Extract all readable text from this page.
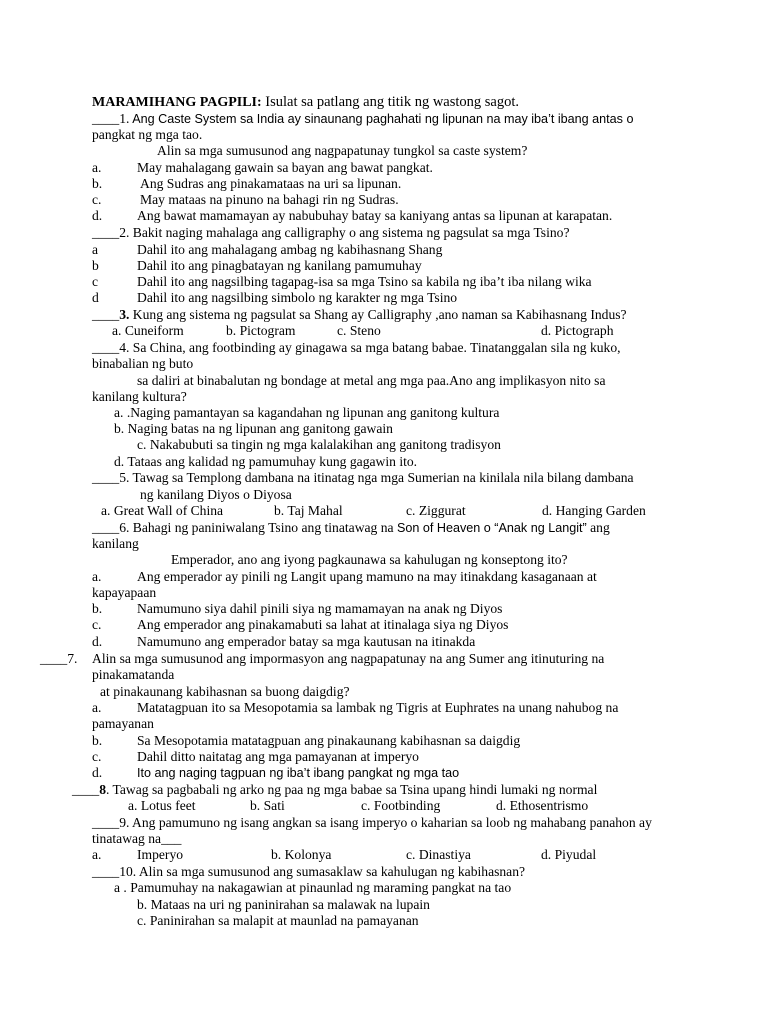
MARAMIHANG PAGPILI: Isulat sa patlang ang titik ng wastong sagot.
____1. Ang Caste System sa India ay sinaunang paghahati ng lipunan na may iba’t ibang antas o
pangkat ng mga tao.
Alin sa mga sumusunod ang nagpapatunay tungkol sa caste system?
a.	May mahalagang gawain sa bayan ang bawat pangkat.
b.	Ang Sudras ang pinakamataas na uri sa lipunan.
c.	May mataas na pinuno na bahagi rin ng Sudras.
d.	Ang bawat mamamayan ay nabubuhay batay sa kaniyang antas sa lipunan at karapatan.
____2. Bakit naging mahalaga ang calligraphy o ang sistema ng pagsulat sa mga Tsino?
a	Dahil ito ang mahalagang ambag ng kabihasnang Shang
b	Dahil ito ang pinagbatayan ng kanilang pamumuhay
c	Dahil ito ang nagsilbing tagapag-isa sa mga Tsino sa kabila ng iba’t iba nilang wika
d	Dahil ito ang nagsilbing simbolo ng karakter ng mga Tsino
____3. Kung ang sistema ng pagsulat sa Shang ay Calligraphy ,ano naman sa Kabihasnang Indus?
a. Cuneiform	b. Pictogram	c. Steno	d. Pictograph
____4. Sa China, ang footbinding ay ginagawa sa mga batang babae. Tinatanggalan sila ng kuko,
binabalian ng buto
sa daliri at binabalutan ng bondage at metal ang mga paa.Ano ang implikasyon nito sa
kanilang kultura?
a. .Naging pamantayan sa kagandahan ng lipunan ang ganitong kultura
b. Naging batas na ng lipunan ang ganitong gawain
c. Nakabubuti sa tingin ng mga kalalakihan ang ganitong tradisyon
d. Tataas ang kalidad ng pamumuhay kung gagawin ito.
____5. Tawag sa Templong dambana na itinatag nga mga Sumerian na kinilala nila bilang dambana
ng kanilang Diyos o Diyosa
a. Great Wall of China	b. Taj Mahal	c. Ziggurat	d. Hanging Garden
____6. Bahagi ng paniniwalang Tsino ang tinatawag na Son of Heaven o “Anak ng Langit” ang
kanilang
Emperador, ano ang iyong pagkaunawa sa kahulugan ng konseptong ito?
a.	Ang emperador ay pinili ng Langit upang mamuno na may itinakdang kasaganaan at
kapayapaan
b.	Namumuno siya dahil pinili siya ng mamamayan na anak ng Diyos
c.	Ang emperador ang pinakamabuti sa lahat at itinalaga siya ng Diyos
d.	Namumuno ang emperador batay sa mga kautusan na itinakda
____7. Alin sa mga sumusunod ang impormasyon ang nagpapatunay na ang Sumer ang itinuturing na
pinakamatanda
at pinakaunang kabihasnan sa buong daigdig?
a.	Matatagpuan ito sa Mesopotamia sa lambak ng Tigris at Euphrates na unang nahubog na
pamayanan
b.	Sa Mesopotamia matatagpuan ang pinakaunang kabihasnan sa daigdig
c.	Dahil ditto naitatag ang mga pamayanan at imperyo
d.	Ito ang naging tagpuan ng iba’t ibang pangkat ng mga tao
____8. Tawag sa pagbabali ng arko ng paa ng mga babae sa Tsina upang hindi lumaki ng normal
a. Lotus feet	b. Sati	c. Footbinding	d. Ethosentrismo
____9. Ang pamumuno ng isang angkan sa isang imperyo o kaharian sa loob ng mahabang panahon ay
tinatawag na___
a.	Imperyo	b. Kolonya	c. Dinastiya	d. Piyudal
____10. Alin sa mga sumusunod ang sumasaklaw sa kahulugan ng kabihasnan?
a . Pamumuhay na nakagawian at pinaunlad ng maraming pangkat na tao
b. Mataas na uri ng paninirahan sa malawak na lupain
c. Paninirahan sa malapit at maunlad na pamayanan
